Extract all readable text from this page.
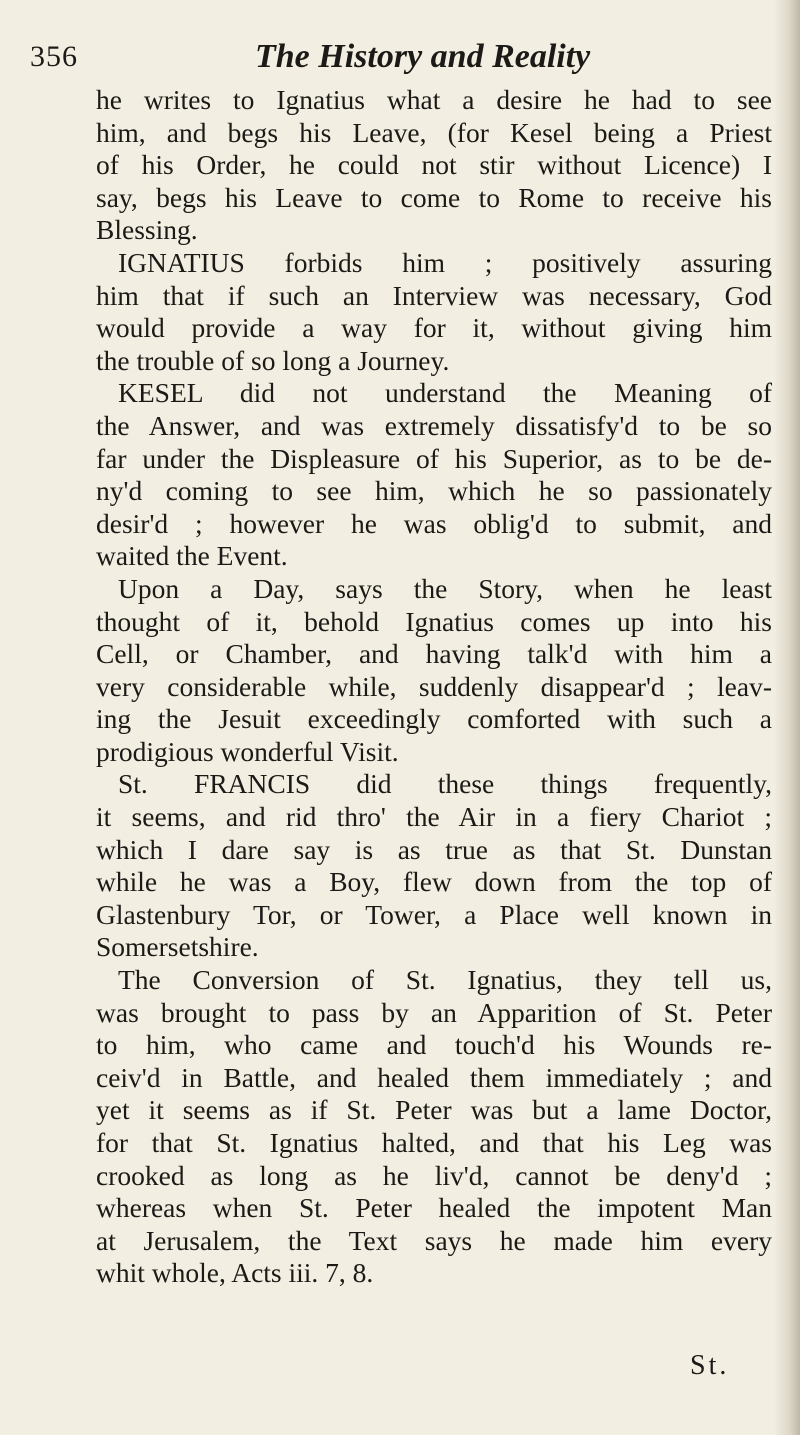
356	The History and Reality
he writes to Ignatius what a desire he had to see
him, and begs his Leave, (for Kesel being a Priest
of his Order, he could not stir without Licence) I
say, begs his Leave to come to Rome to receive his
Blessing.
IGNATIUS forbids him ; positively assuring
him that if such an Interview was necessary, God
would provide a way for it, without giving him
the trouble of so long a Journey.
KESEL did not understand the Meaning of
the Answer, and was extremely dissatisfy'd to be so
far under the Displeasure of his Superior, as to be de-
ny'd coming to see him, which he so passionately
desir'd ; however he was oblig'd to submit, and
waited the Event.
Upon a Day, says the Story, when he least
thought of it, behold Ignatius comes up into his
Cell, or Chamber, and having talk'd with him a
very considerable while, suddenly disappear'd ; leav-
ing the Jesuit exceedingly comforted with such a
prodigious wonderful Visit.
St. FRANCIS did these things frequently,
it seems, and rid thro' the Air in a fiery Chariot ;
which I dare say is as true as that St. Dunstan
while he was a Boy, flew down from the top of
Glastenbury Tor, or Tower, a Place well known in
Somersetshire.
The Conversion of St. Ignatius, they tell us,
was brought to pass by an Apparition of St. Peter
to him, who came and touch'd his Wounds re-
ceiv'd in Battle, and healed them immediately ; and
yet it seems as if St. Peter was but a lame Doctor,
for that St. Ignatius halted, and that his Leg was
crooked as long as he liv'd, cannot be deny'd ;
whereas when St. Peter healed the impotent Man
at Jerusalem, the Text says he made him every
whit whole, Acts iii. 7, 8.
St.
